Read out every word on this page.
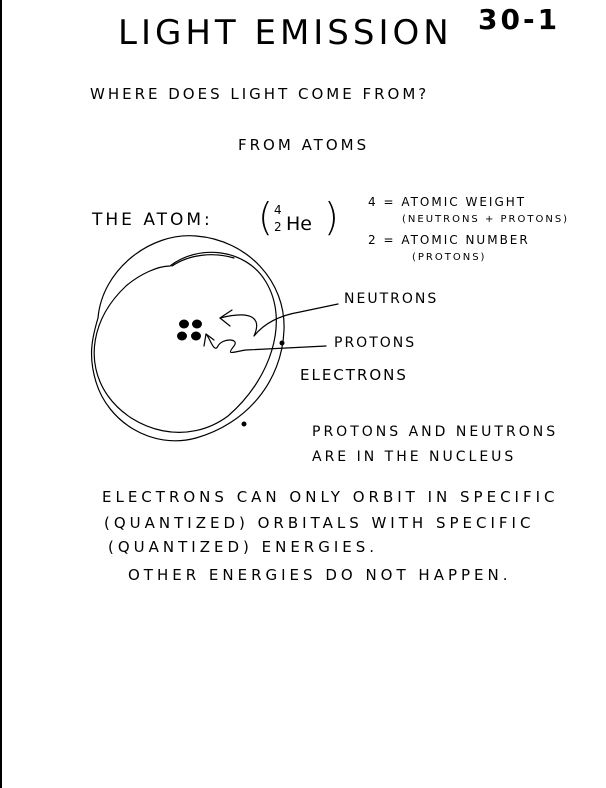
LIGHT EMISSION 30-1
WHERE DOES LIGHT COME FROM?
FROM ATOMS
THE ATOM: ( 4
2 He ) 4 = ATOMIC WEIGHT
(NEUTRONS + PROTONS)
2 = ATOMIC NUMBER
(PROTONS)
NEUTRONS
PROTONS
ELECTRONS
PROTONS AND NEUTRONS
ARE IN THE NUCLEUS
ELECTRONS CAN ONLY ORBIT IN SPECIFIC
(QUANTIZED) ORBITALS WITH SPECIFIC
(QUANTIZED) ENERGIES.
OTHER ENERGIES DO NOT HAPPEN.
